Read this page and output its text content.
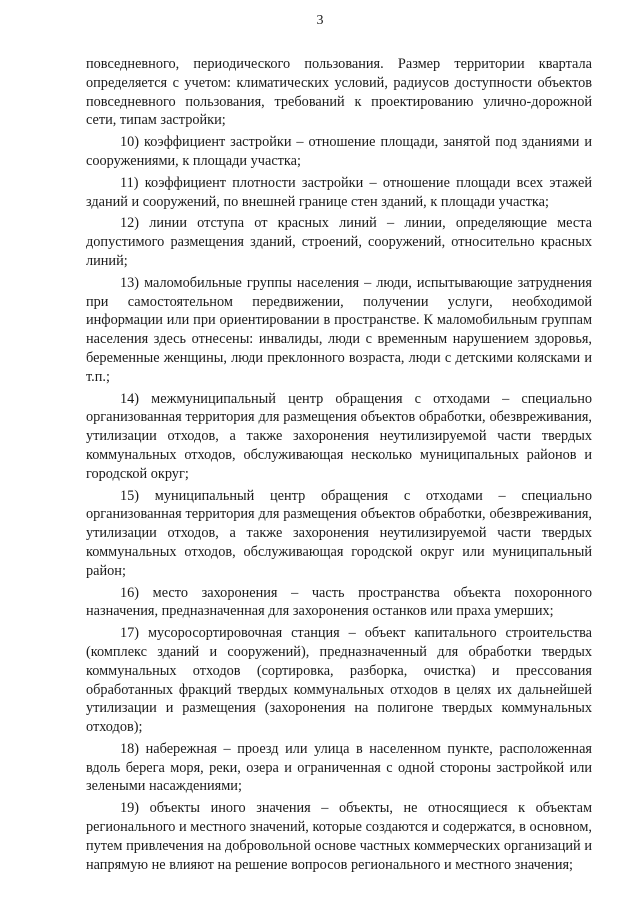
3

повседневного, периодического пользования. Размер территории квартала определяется с учетом: климатических условий, радиусов доступности объектов повседневного пользования, требований к проектированию улично-дорожной сети, типам застройки;

10) коэффициент застройки – отношение площади, занятой под зданиями и сооружениями, к площади участка;

11) коэффициент плотности застройки – отношение площади всех этажей зданий и сооружений, по внешней границе стен зданий, к площади участка;

12) линии отступа от красных линий – линии, определяющие места допустимого размещения зданий, строений, сооружений, относительно красных линий;

13) маломобильные группы населения – люди, испытывающие затруднения при самостоятельном передвижении, получении услуги, необходимой информации или при ориентировании в пространстве. К маломобильным группам населения здесь отнесены: инвалиды, люди с временным нарушением здоровья, беременные женщины, люди преклонного возраста, люди с детскими колясками и т.п.;

14) межмуниципальный центр обращения с отходами – специально организованная территория для размещения объектов обработки, обезвреживания, утилизации отходов, а также захоронения неутилизируемой части твердых коммунальных отходов, обслуживающая несколько муниципальных районов и городской округ;

15) муниципальный центр обращения с отходами – специально организованная территория для размещения объектов обработки, обезвреживания, утилизации отходов, а также захоронения неутилизируемой части твердых коммунальных отходов, обслуживающая городской округ или муниципальный район;

16) место захоронения – часть пространства объекта похоронного назначения, предназначенная для захоронения останков или праха умерших;

17) мусоросортировочная станция – объект капитального строительства (комплекс зданий и сооружений), предназначенный для обработки твердых коммунальных отходов (сортировка, разборка, очистка) и прессования обработанных фракций твердых коммунальных отходов в целях их дальнейшей утилизации и размещения (захоронения на полигоне твердых коммунальных отходов);

18) набережная – проезд или улица в населенном пункте, расположенная вдоль берега моря, реки, озера и ограниченная с одной стороны застройкой или зелеными насаждениями;

19) объекты иного значения – объекты, не относящиеся к объектам регионального и местного значений, которые создаются и содержатся, в основном, путем привлечения на добровольной основе частных коммерческих организаций и напрямую не влияют на решение вопросов регионального и местного значения;
